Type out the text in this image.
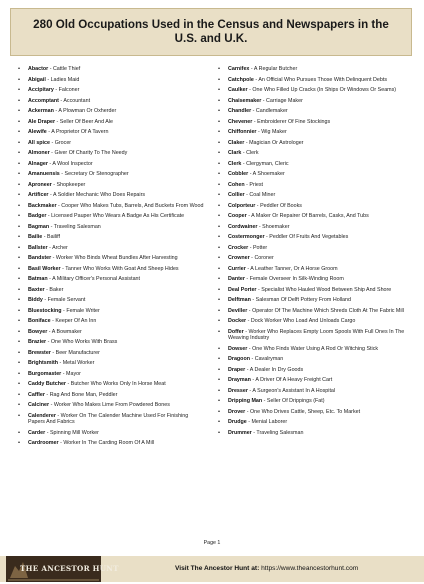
280 Old Occupations Used in the Census and Newspapers in the
U.S. and U.K.
• Abactor - Cattle Thief
• Abigail - Ladies Maid
• Accipitary - Falconer
• Accomptant - Accountant
• Ackerman - A Plowman Or Oxherder
• Ale Draper - Seller Of Beer And Ale
• Alewife - A Proprietor Of A Tavern
• All spice - Grocer
• Almoner - Giver Of Charity To The Needy
• Alnager - A Wool Inspector
• Amanuensis - Secretary Or Stenographer
• Aproneer - Shopkeeper
• Artificer - A Soldier Mechanic Who Does Repairs
• Backmaker - Cooper Who Makes Tubs, Barrels, And Buckets From Wood
• Badger - Licensed Pauper Who Wears A Badge As His Certificate
• Bagman - Traveling Salesman
• Bailie - Bailiff
• Ballster - Archer
• Bandster - Worker Who Binds Wheat Bundles After Harvesting
• Basil Worker - Tanner Who Works With Goat And Sheep Hides
• Batman - A Military Officer's Personal Assistant
• Baxter - Baker
• Biddy - Female Servant
• Bluestocking - Female Writer
• Boniface - Keeper Of An Inn
• Bowyer - A Bowmaker
• Brazier - One Who Works With Brass
• Brewster - Beer Manufacturer
• Brightsmith - Metal Worker
• Burgomaster - Mayor
• Caddy Butcher - Butcher Who Works Only In Horse Meat
• Caffler - Rag And Bone Man, Peddler
• Calciner - Worker Who Makes Lime From Powdered Bones
• Calenderer - Worker On The Calender Machine Used For Finishing Papers And Fabrics
• Carder - Spinning Mill Worker
• Cardroomer - Worker In The Carding Room Of A Mill
• Carnifex - A Regular Butcher
• Catchpole - An Official Who Pursues Those With Delinquent Debts
• Caulker - One Who Filled Up Cracks (In Ships Or Windows Or Seams)
• Chaisemaker - Carriage Maker
• Chandler - Candlemaker
• Chevener - Embroiderer Of Fine Stockings
• Chiffonnier - Wig Maker
• Claker - Magician Or Astrologer
• Clark - Clerk
• Clerk - Clergyman, Cleric
• Cobbler - A Shoemaker
• Cohen - Priest
• Collier - Coal Miner
• Colporteur - Peddler Of Books
• Cooper - A Maker Or Repairer Of Barrels, Casks, And Tubs
• Cordwainer - Shoemaker
• Costermonger - Peddler Of Fruits And Vegetables
• Crocker - Potter
• Crowner - Coroner
• Currier - A Leather Tanner, Or A Horse Groom
• Danter - Female Overseer In Silk-Winding Room
• Deal Porter - Specialist Who Hauled Wood Between Ship And Shore
• Delftman - Salesman Of Delft Pottery From Holland
• Deviller - Operator Of The Machine Which Shreds Cloth At The Fabric Mill
• Docker - Dock Worker Who Load And Unloads Cargo
• Doffer - Worker Who Replaces Empty Loom Spools With Full Ones In The Weaving Industry
• Dowser - One Who Finds Water Using A Rod Or Witching Stick
• Dragoon - Cavalryman
• Draper - A Dealer In Dry Goods
• Drayman - A Driver Of A Heavy Freight Cart
• Dresser - A Surgeon's Assistant In A Hospital
• Dripping Man - Seller Of Drippings (Fat)
• Drover - One Who Drives Cattle, Sheep, Etc. To Market
• Drudge - Menial Laborer
• Drummer - Traveling Salesman
Page 1
THE ANCESTOR HUNT	Visit The Ancestor Hunt at: https://www.theancestorhunt.com
